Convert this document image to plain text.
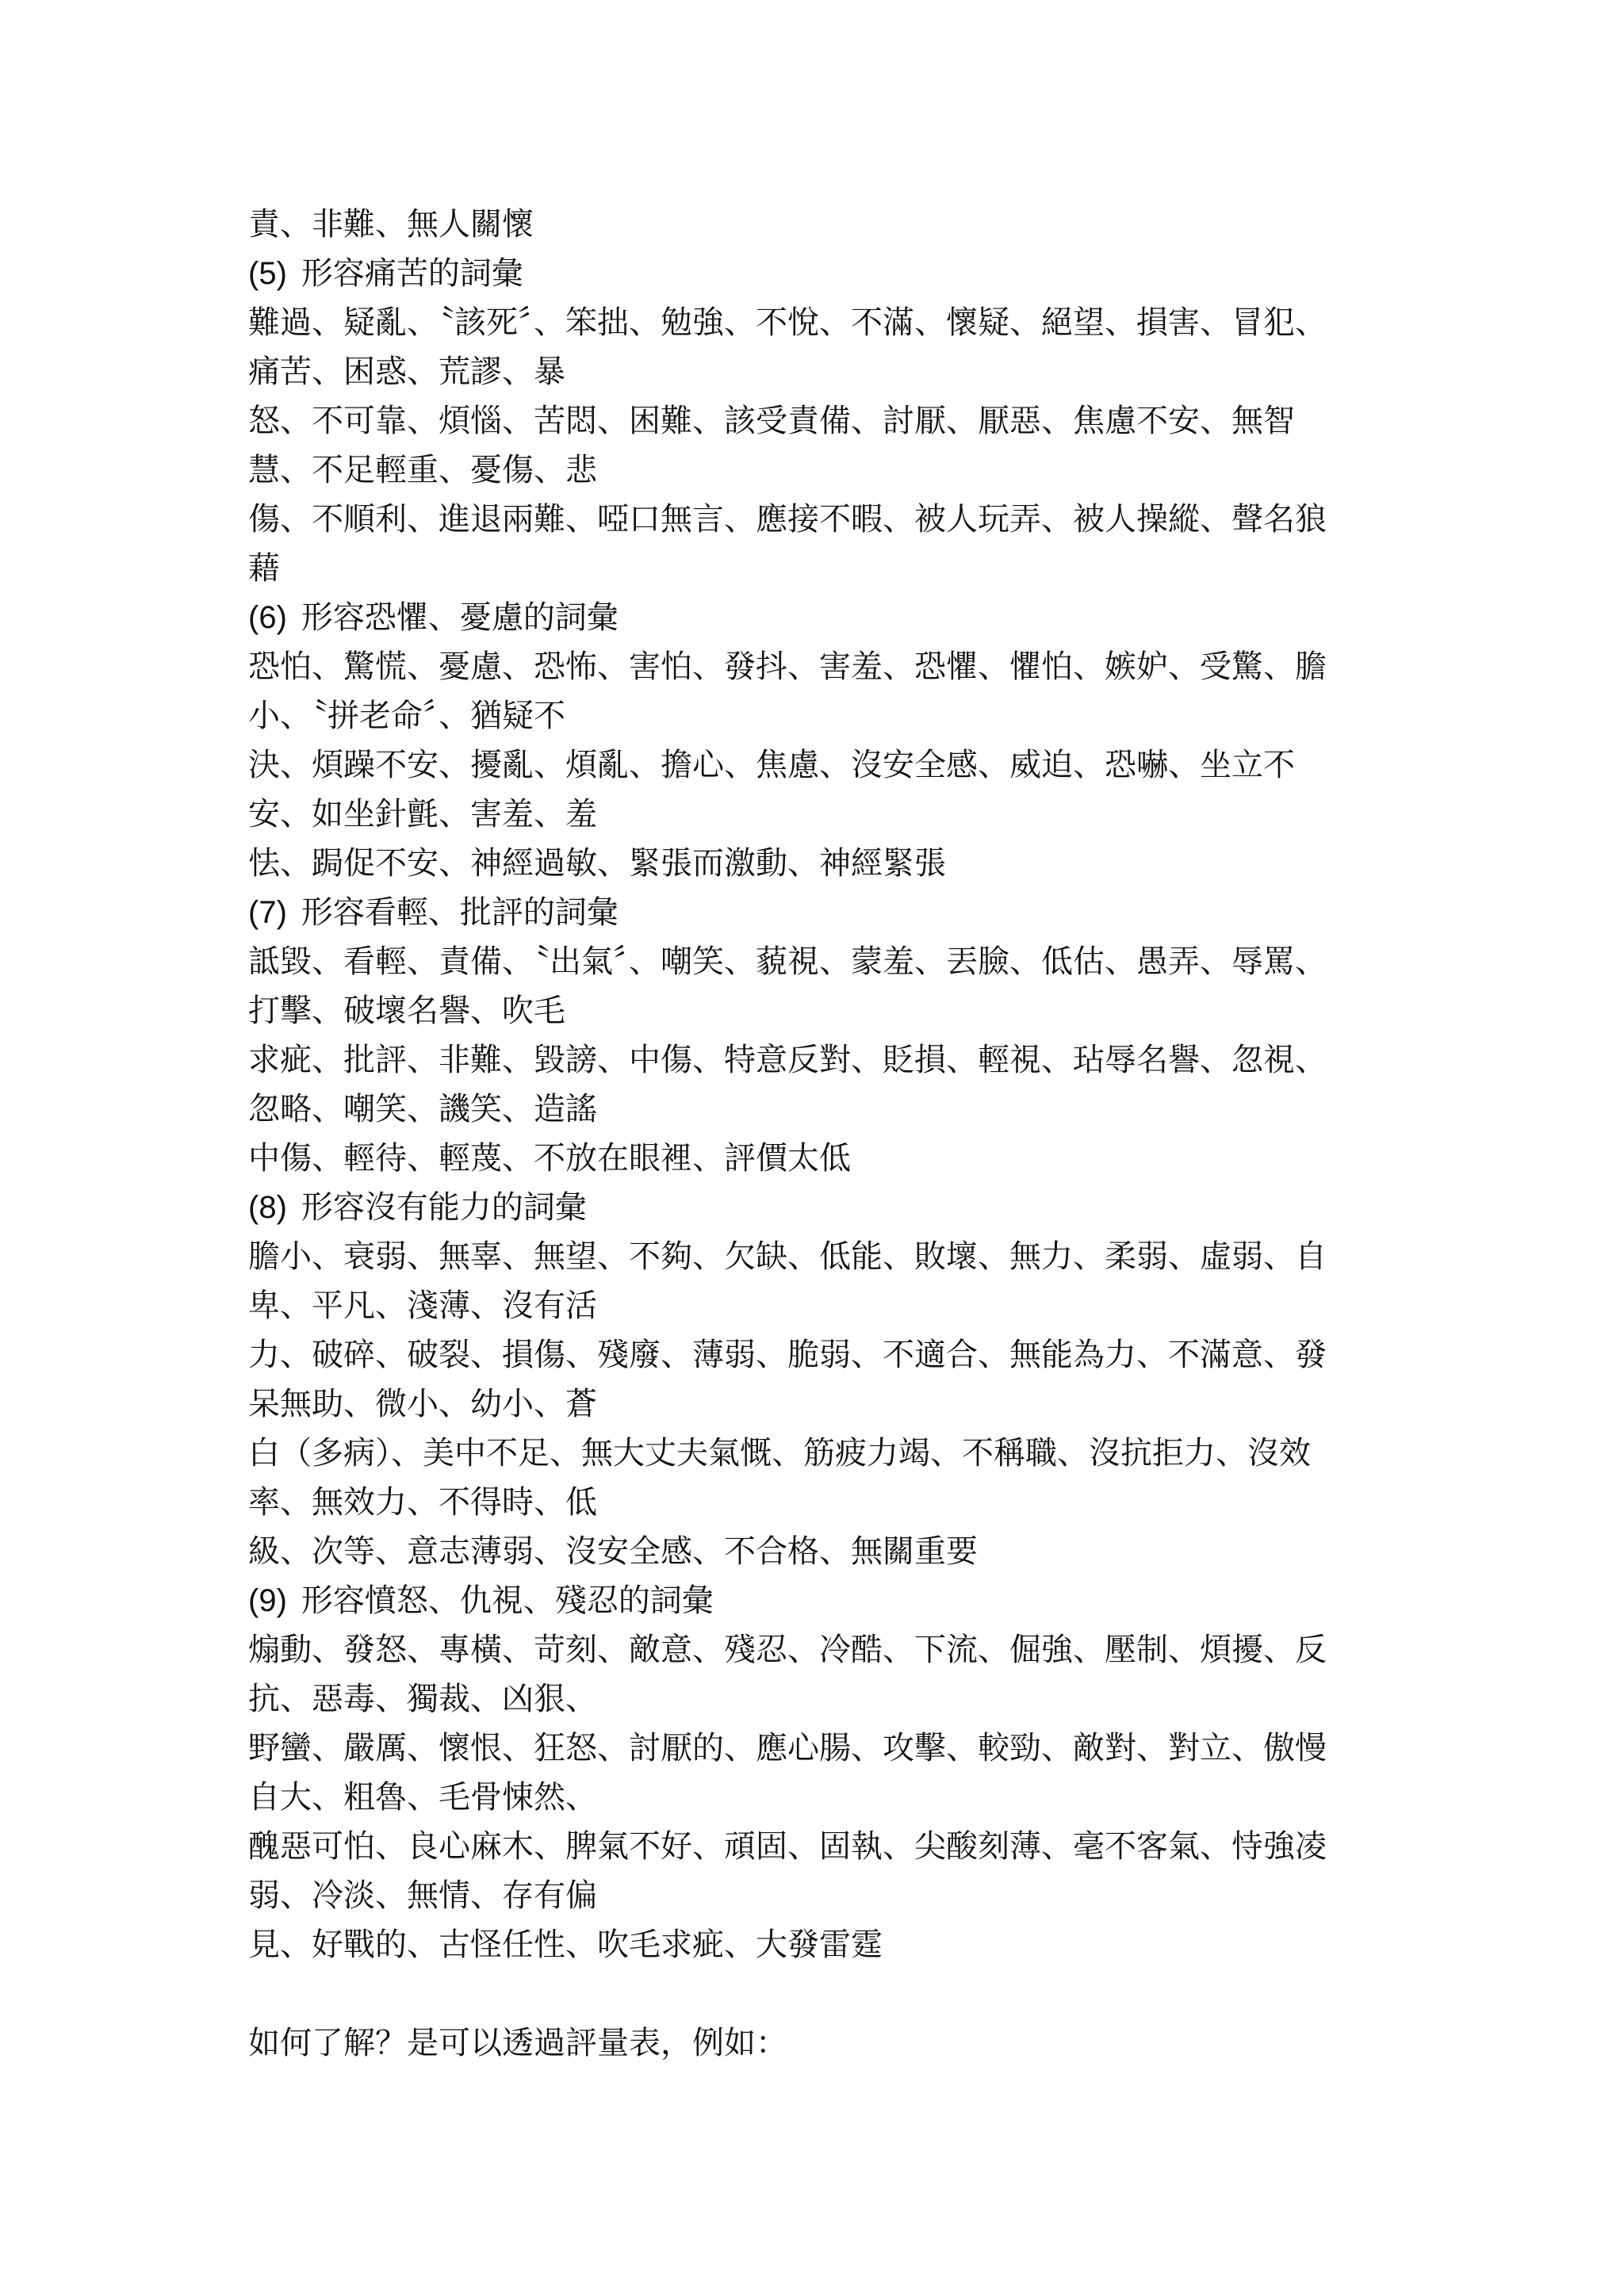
責、非難、無人關懷
(5) 形容痛苦的詞彙
難過、疑亂、〝該死〞、笨拙、勉強、不悅、不滿、懷疑、絕望、損害、冒犯、
痛苦、困惑、荒謬、暴
怒、不可靠、煩惱、苦悶、困難、該受責備、討厭、厭惡、焦慮不安、無智
慧、不足輕重、憂傷、悲
傷、不順利、進退兩難、啞口無言、應接不暇、被人玩弄、被人操縱、聲名狼
藉
(6) 形容恐懼、憂慮的詞彙
恐怕、驚慌、憂慮、恐怖、害怕、發抖、害羞、恐懼、懼怕、嫉妒、受驚、膽
小、〝拼老命〞、猶疑不
決、煩躁不安、擾亂、煩亂、擔心、焦慮、沒安全感、威迫、恐嚇、坐立不
安、如坐針氈、害羞、羞
怯、跼促不安、神經過敏、緊張而激動、神經緊張
(7) 形容看輕、批評的詞彙
詆毀、看輕、責備、〝出氣〞、嘲笑、藐視、蒙羞、丟臉、低估、愚弄、辱罵、
打擊、破壞名譽、吹毛
求疵、批評、非難、毀謗、中傷、特意反對、貶損、輕視、玷辱名譽、忽視、
忽略、嘲笑、譏笑、造謠
中傷、輕待、輕蔑、不放在眼裡、評價太低
(8) 形容沒有能力的詞彙
膽小、衰弱、無辜、無望、不夠、欠缺、低能、敗壞、無力、柔弱、虛弱、自
卑、平凡、淺薄、沒有活
力、破碎、破裂、損傷、殘廢、薄弱、脆弱、不適合、無能為力、不滿意、發
呆無助、微小、幼小、蒼
白（多病）、美中不足、無大丈夫氣慨、筋疲力竭、不稱職、沒抗拒力、沒效
率、無效力、不得時、低
級、次等、意志薄弱、沒安全感、不合格、無關重要
(9) 形容憤怒、仇視、殘忍的詞彙
煽動、發怒、專橫、苛刻、敵意、殘忍、冷酷、下流、倔強、壓制、煩擾、反
抗、惡毒、獨裁、凶狠、
野蠻、嚴厲、懷恨、狂怒、討厭的、應心腸、攻擊、較勁、敵對、對立、傲慢
自大、粗魯、毛骨悚然、
醜惡可怕、良心麻木、脾氣不好、頑固、固執、尖酸刻薄、毫不客氣、恃強凌
弱、冷淡、無情、存有偏
見、好戰的、古怪任性、吹毛求疵、大發雷霆
如何了解？是可以透過評量表，例如：
